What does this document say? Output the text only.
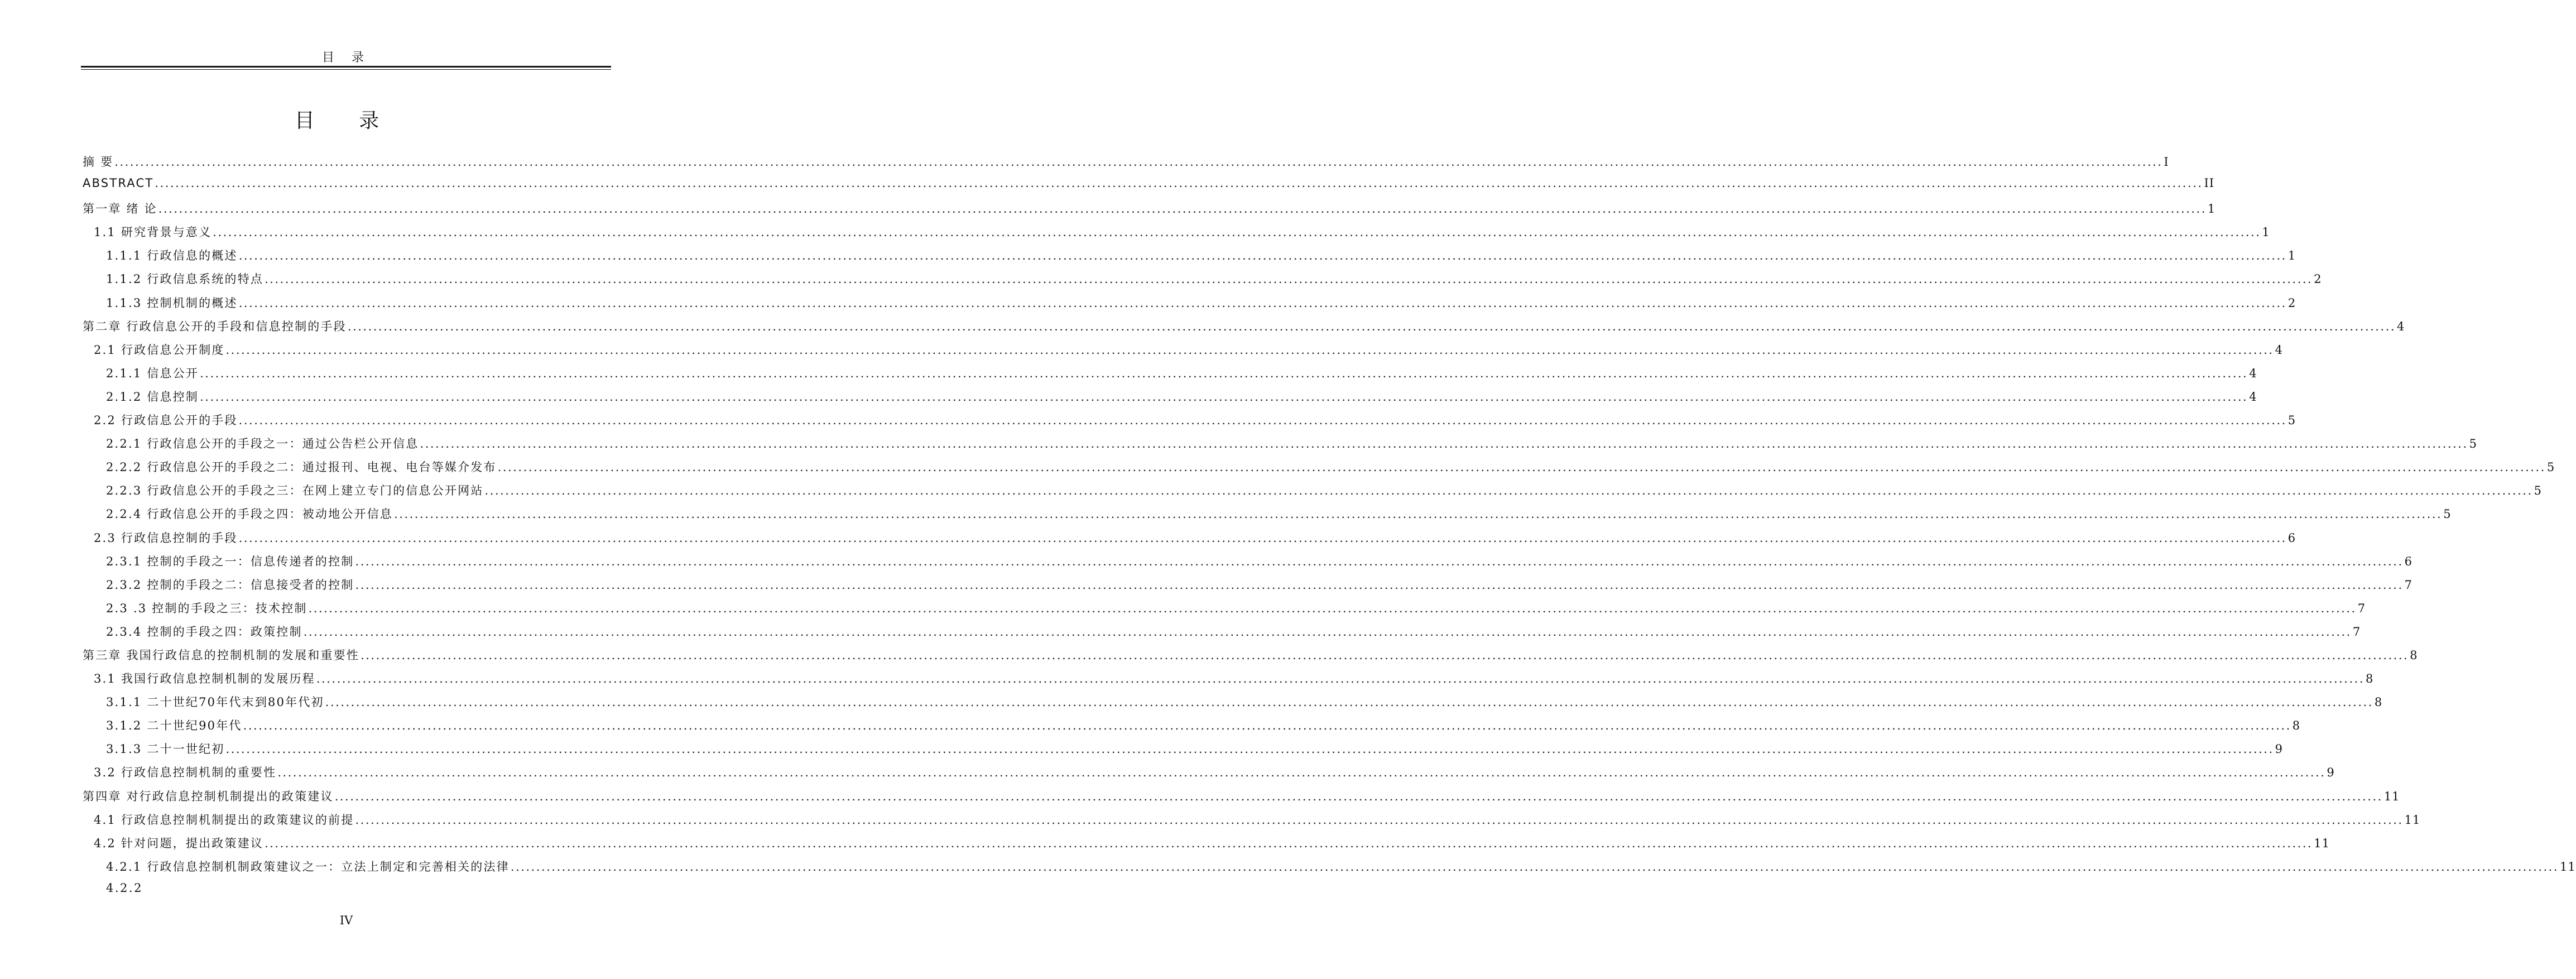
目 录
目 录
摘 要 ................................................................................................................................................................................................................................................................................................................................................................................................................ I
ABSTRACT ................................................................................................................................................................................................................................................................................................................................................................................................................ II
第一章 绪 论 ................................................................................................................................................................................................................................................................................................................................................................................................................ 1
1.1 研究背景与意义 ................................................................................................................................................................................................................................................................................................................................................................................................................ 1
1.1.1 行政信息的概述 ................................................................................................................................................................................................................................................................................................................................................................................................................ 1
1.1.2 行政信息系统的特点 ................................................................................................................................................................................................................................................................................................................................................................................................................ 2
1.1.3 控制机制的概述 ................................................................................................................................................................................................................................................................................................................................................................................................................ 2
第二章 行政信息公开的手段和信息控制的手段 ................................................................................................................................................................................................................................................................................................................................................................................................................ 4
2.1 行政信息公开制度 ................................................................................................................................................................................................................................................................................................................................................................................................................ 4
2.1.1 信息公开 ................................................................................................................................................................................................................................................................................................................................................................................................................ 4
2.1.2 信息控制 ................................................................................................................................................................................................................................................................................................................................................................................................................ 4
2.2 行政信息公开的手段 ................................................................................................................................................................................................................................................................................................................................................................................................................ 5
2.2.1 行政信息公开的手段之一：通过公告栏公开信息 ................................................................................................................................................................................................................................................................................................................................................................................................................ 5
2.2.2 行政信息公开的手段之二：通过报刊、电视、电台等媒介发布 ................................................................................................................................................................................................................................................................................................................................................................................................................ 5
2.2.3 行政信息公开的手段之三：在网上建立专门的信息公开网站 ................................................................................................................................................................................................................................................................................................................................................................................................................ 5
2.2.4 行政信息公开的手段之四：被动地公开信息 ................................................................................................................................................................................................................................................................................................................................................................................................................ 5
2.3 行政信息控制的手段 ................................................................................................................................................................................................................................................................................................................................................................................................................ 6
2.3.1 控制的手段之一：信息传递者的控制 ................................................................................................................................................................................................................................................................................................................................................................................................................ 6
2.3.2 控制的手段之二：信息接受者的控制 ................................................................................................................................................................................................................................................................................................................................................................................................................ 7
2.3 .3 控制的手段之三：技术控制 ................................................................................................................................................................................................................................................................................................................................................................................................................ 7
2.3.4 控制的手段之四：政策控制 ................................................................................................................................................................................................................................................................................................................................................................................................................ 7
第三章 我国行政信息的控制机制的发展和重要性 ................................................................................................................................................................................................................................................................................................................................................................................................................ 8
3.1 我国行政信息控制机制的发展历程 ................................................................................................................................................................................................................................................................................................................................................................................................................ 8
3.1.1 二十世纪70年代末到80年代初 ................................................................................................................................................................................................................................................................................................................................................................................................................ 8
3.1.2 二十世纪90年代 ................................................................................................................................................................................................................................................................................................................................................................................................................ 8
3.1.3 二十一世纪初 ................................................................................................................................................................................................................................................................................................................................................................................................................ 9
3.2 行政信息控制机制的重要性 ................................................................................................................................................................................................................................................................................................................................................................................................................ 9
第四章 对行政信息控制机制提出的政策建议 ................................................................................................................................................................................................................................................................................................................................................................................................................ 11
4.1 行政信息控制机制提出的政策建议的前提 ................................................................................................................................................................................................................................................................................................................................................................................................................ 11
4.2 针对问题，提出政策建议 ................................................................................................................................................................................................................................................................................................................................................................................................................ 11
4.2.1 行政信息控制机制政策建议之一：立法上制定和完善相关的法律 ................................................................................................................................................................................................................................................................................................................................................................................................................ 11
4.2.2
IV
